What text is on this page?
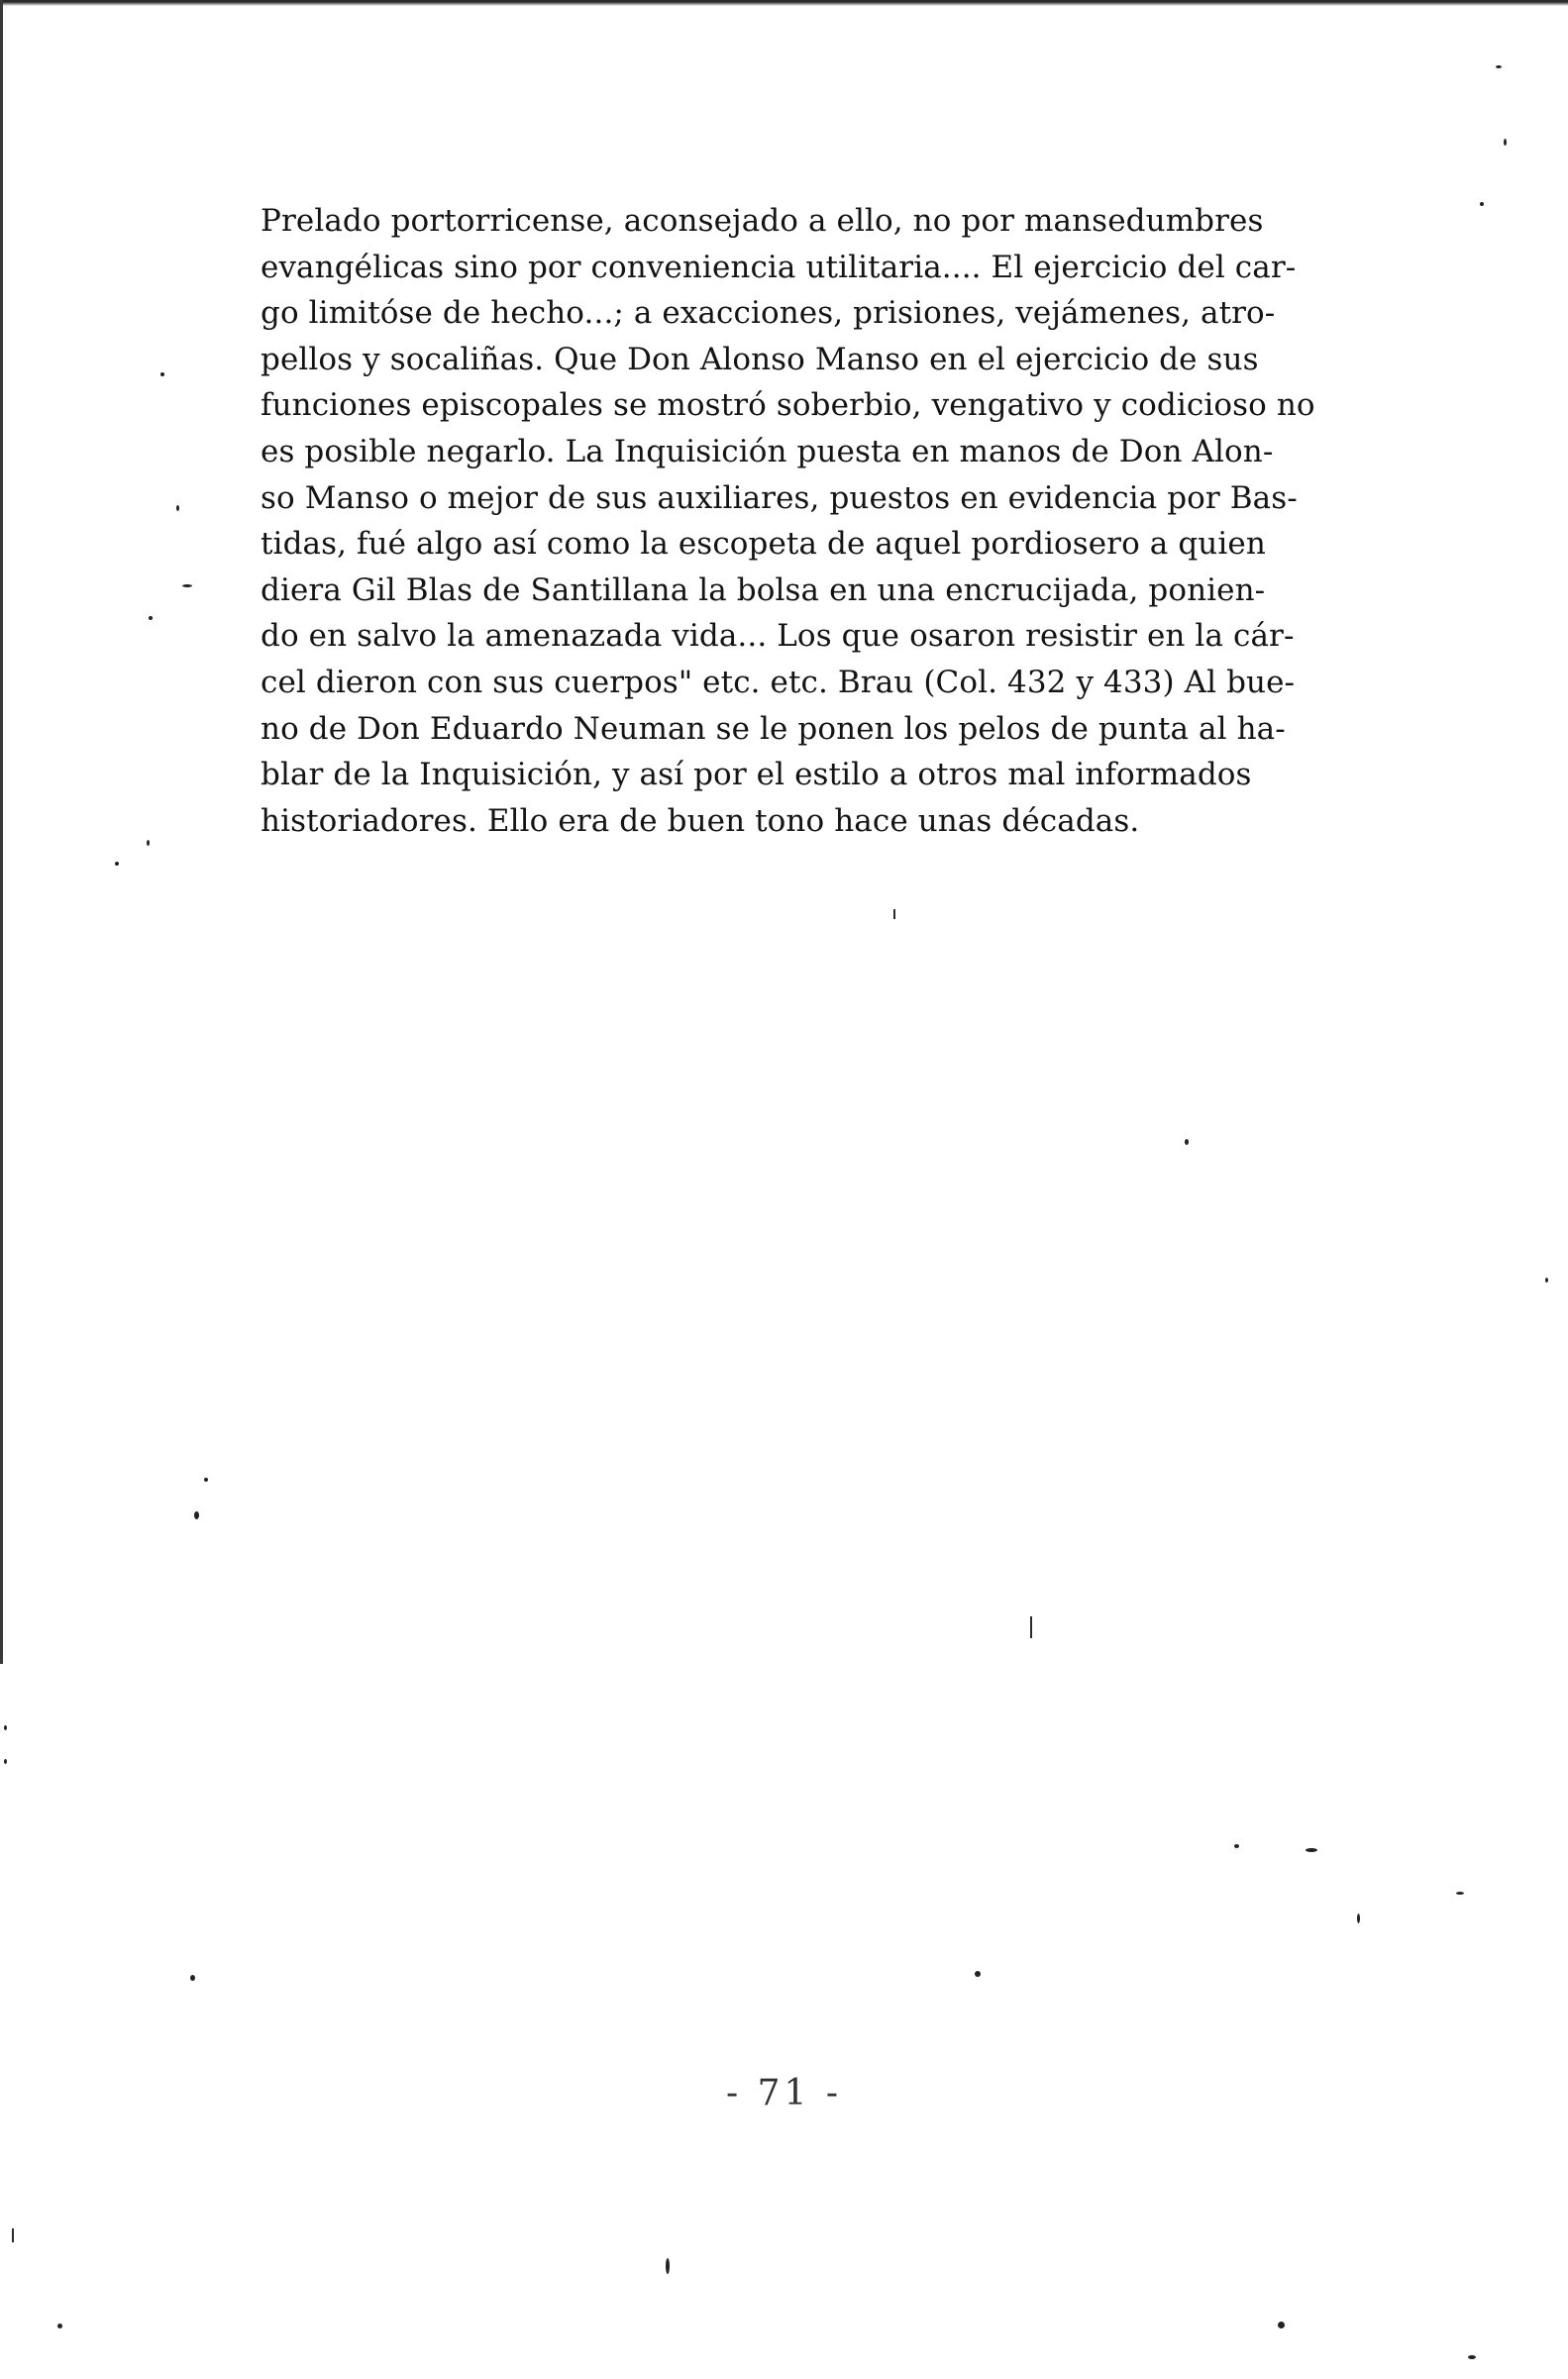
Prelado portorricense, aconsejado a ello, no por mansedumbres
evangélicas sino por conveniencia utilitaria.... El ejercicio del car-
go limitóse de hecho...; a exacciones, prisiones, vejámenes, atro-
pellos y socaliñas. Que Don Alonso Manso en el ejercicio de sus
funciones episcopales se mostró soberbio, vengativo y codicioso no
es posible negarlo. La Inquisición puesta en manos de Don Alon-
so Manso o mejor de sus auxiliares, puestos en evidencia por Bas-
tidas, fué algo así como la escopeta de aquel pordiosero a quien
diera Gil Blas de Santillana la bolsa en una encrucijada, ponien-
do en salvo la amenazada vida... Los que osaron resistir en la cár-
cel dieron con sus cuerpos" etc. etc. Brau (Col. 432 y 433) Al bue-
no de Don Eduardo Neuman se le ponen los pelos de punta al ha-
blar de la Inquisición, y así por el estilo a otros mal informados
historiadores. Ello era de buen tono hace unas décadas.
- 71 -
